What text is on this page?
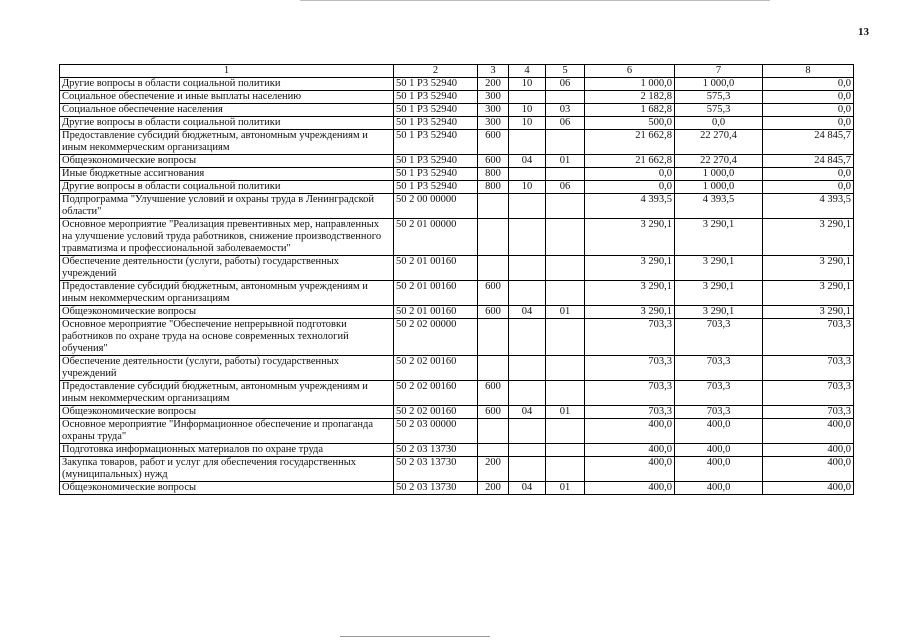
13
1	2	3	4	5	6	7	8
Другие вопросы в области социальной политики	50 1 Р3 52940	200	10	06	1 000,0	1 000,0	0,0
Социальное обеспечение и иные выплаты населению	50 1 Р3 52940	300			2 182,8	575,3	0,0
Социальное обеспечение населения	50 1 Р3 52940	300	10	03	1 682,8	575,3	0,0
Другие вопросы в области социальной политики	50 1 Р3 52940	300	10	06	500,0	0,0	0,0
Предоставление субсидий бюджетным, автономным учреждениям и иным некоммерческим организациям	50 1 Р3 52940	600			21 662,8	22 270,4	24 845,7
Общеэкономические вопросы	50 1 Р3 52940	600	04	01	21 662,8	22 270,4	24 845,7
Иные бюджетные ассигнования	50 1 Р3 52940	800			0,0	1 000,0	0,0
Другие вопросы в области социальной политики	50 1 Р3 52940	800	10	06	0,0	1 000,0	0,0
Подпрограмма "Улучшение условий и охраны труда в Ленинградской области"	50 2 00 00000				4 393,5	4 393,5	4 393,5
Основное мероприятие "Реализация превентивных мер, направленных на улучшение условий труда работников, снижение производственного травматизма и профессиональной заболеваемости"	50 2 01 00000				3 290,1	3 290,1	3 290,1
Обеспечение деятельности (услуги, работы) государственных учреждений	50 2 01 00160				3 290,1	3 290,1	3 290,1
Предоставление субсидий бюджетным, автономным учреждениям и иным некоммерческим организациям	50 2 01 00160	600			3 290,1	3 290,1	3 290,1
Общеэкономические вопросы	50 2 01 00160	600	04	01	3 290,1	3 290,1	3 290,1
Основное мероприятие "Обеспечение непрерывной подготовки работников по охране труда на основе современных технологий обучения"	50 2 02 00000				703,3	703,3	703,3
Обеспечение деятельности (услуги, работы) государственных учреждений	50 2 02 00160				703,3	703,3	703,3
Предоставление субсидий бюджетным, автономным учреждениям и иным некоммерческим организациям	50 2 02 00160	600			703,3	703,3	703,3
Общеэкономические вопросы	50 2 02 00160	600	04	01	703,3	703,3	703,3
Основное мероприятие "Информационное обеспечение и пропаганда охраны труда"	50 2 03 00000				400,0	400,0	400,0
Подготовка информационных материалов по охране труда	50 2 03 13730				400,0	400,0	400,0
Закупка товаров, работ и услуг для обеспечения государственных (муниципальных) нужд	50 2 03 13730	200			400,0	400,0	400,0
Общеэкономические вопросы	50 2 03 13730	200	04	01	400,0	400,0	400,0
